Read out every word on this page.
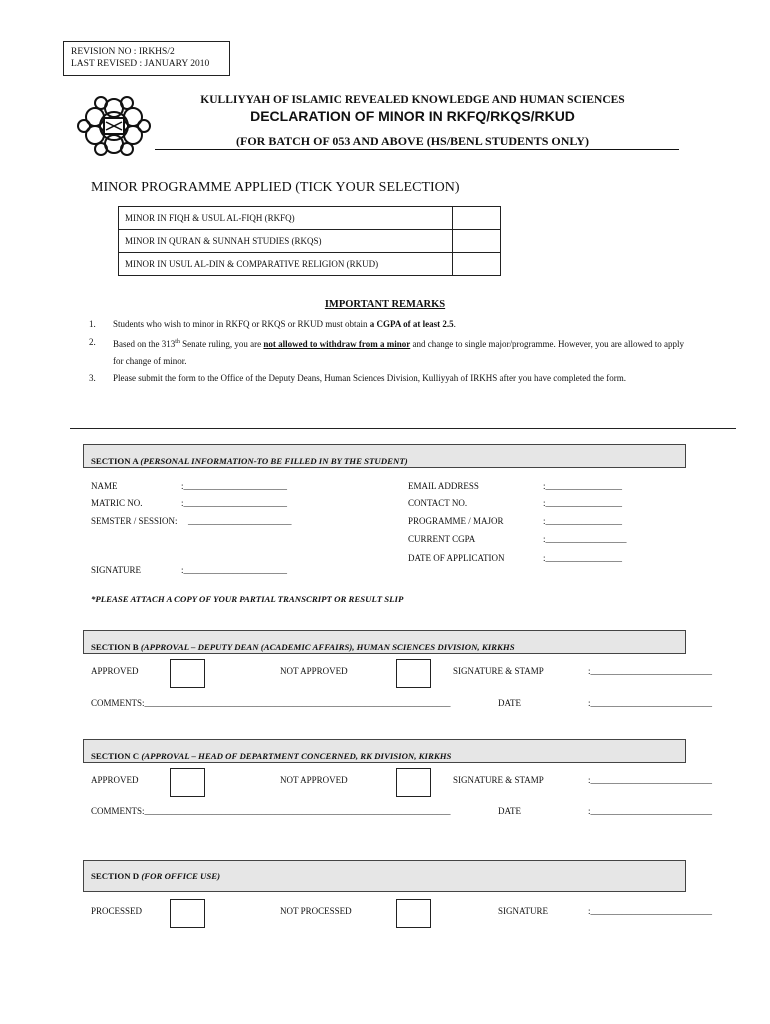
REVISION NO : IRKHS/2
LAST REVISED : JANUARY 2010
KULLIYYAH OF ISLAMIC REVEALED KNOWLEDGE AND HUMAN SCIENCES
DECLARATION OF MINOR IN RKFQ/RKQS/RKUD
(FOR BATCH OF 053 AND ABOVE (HS/BENL STUDENTS ONLY)
MINOR PROGRAMME APPLIED (TICK YOUR SELECTION)
MINOR IN FIQH & USUL AL-FIQH (RKFQ)	
MINOR IN QURAN & SUNNAH STUDIES (RKQS)	
MINOR IN USUL AL-DIN & COMPARATIVE RELIGION (RKUD)	
IMPORTANT REMARKS
1. Students who wish to minor in RKFQ or RKQS or RKUD must obtain a CGPA of at least 2.5.
2. Based on the 313th Senate ruling, you are not allowed to withdraw from a minor and change to single major/programme. However, you are allowed to apply for change of minor.
3. Please submit the form to the Office of the Deputy Deans, Human Sciences Division, Kulliyyah of IRKHS after you have completed the form.
SECTION A (PERSONAL INFORMATION-TO BE FILLED IN BY THE STUDENT)
NAME	:_______________________
MATRIC NO.	:_______________________
SEMSTER / SESSION: _______________________
SIGNATURE	:_______________________
EMAIL ADDRESS	:_________________
CONTACT NO.	:_________________
PROGRAMME / MAJOR	:_________________
CURRENT CGPA	:__________________
DATE OF APPLICATION	:_________________
*PLEASE ATTACH A COPY OF YOUR PARTIAL TRANSCRIPT OR RESULT SLIP
SECTION B (APPROVAL – DEPUTY DEAN (ACADEMIC AFFAIRS), HUMAN SCIENCES DIVISION, KIRKHS
APPROVED	NOT APPROVED	SIGNATURE & STAMP	:___________________________
COMMENTS:____________________________________________________________________	DATE	:___________________________
SECTION C (APPROVAL – HEAD OF DEPARTMENT CONCERNED, RK DIVISION, KIRKHS
APPROVED	NOT APPROVED	SIGNATURE & STAMP	:___________________________
COMMENTS:____________________________________________________________________	DATE	:___________________________
SECTION D (FOR OFFICE USE)
PROCESSED	NOT PROCESSED	SIGNATURE	:___________________________
